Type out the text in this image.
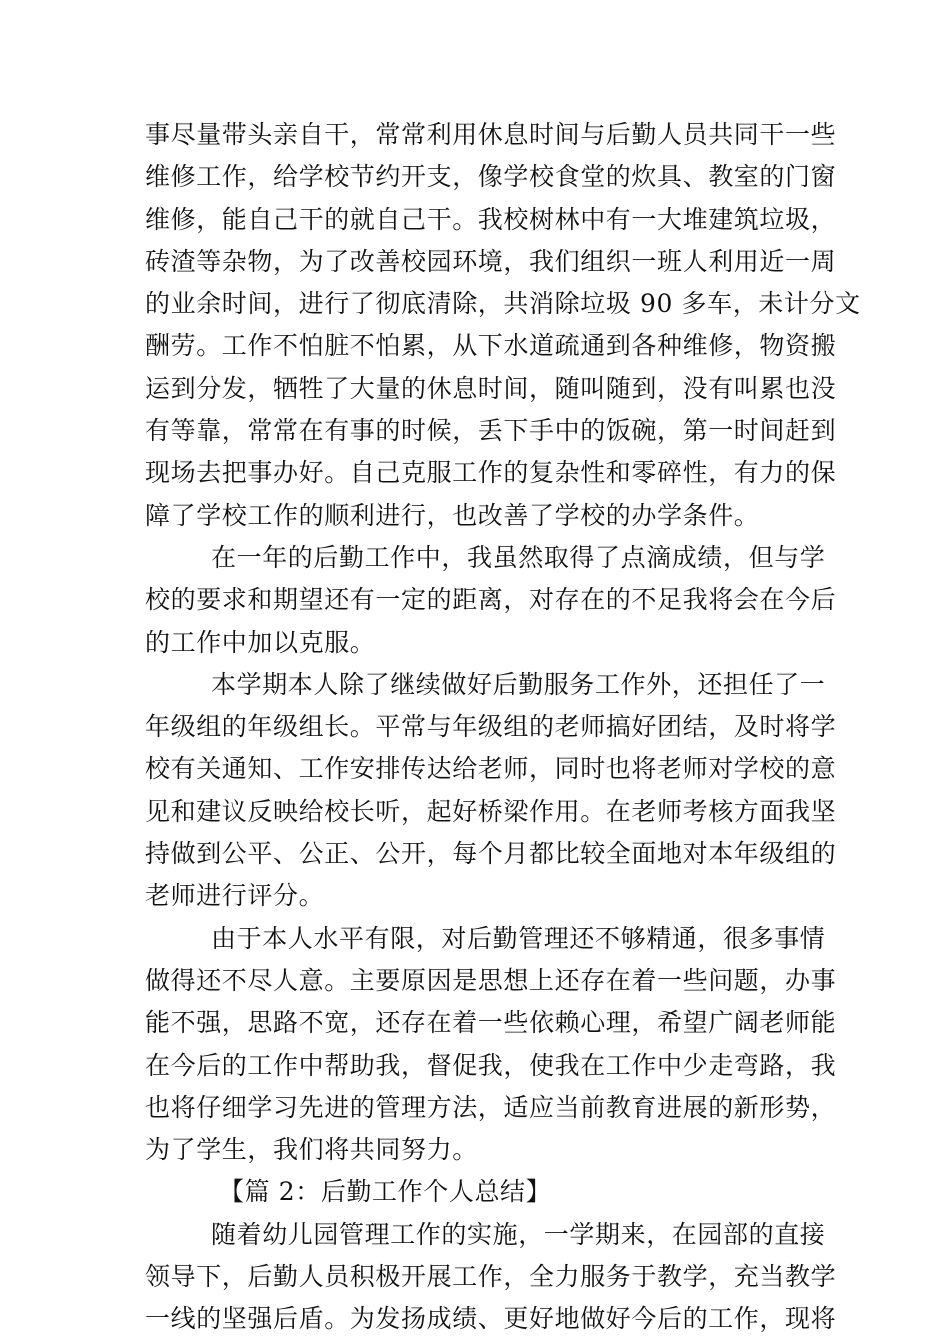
事尽量带头亲自干，常常利用休息时间与后勤人员共同干一些
维修工作，给学校节约开支，像学校食堂的炊具、教室的门窗
维修，能自己干的就自己干。我校树林中有一大堆建筑垃圾，
砖渣等杂物，为了改善校园环境，我们组织一班人利用近一周
的业余时间，进行了彻底清除，共消除垃圾 90 多车，未计分文
酬劳。工作不怕脏不怕累，从下水道疏通到各种维修，物资搬
运到分发，牺牲了大量的休息时间，随叫随到，没有叫累也没
有等靠，常常在有事的时候，丢下手中的饭碗，第一时间赶到
现场去把事办好。自己克服工作的复杂性和零碎性，有力的保
障了学校工作的顺利进行，也改善了学校的办学条件。
在一年的后勤工作中，我虽然取得了点滴成绩，但与学
校的要求和期望还有一定的距离，对存在的不足我将会在今后
的工作中加以克服。
本学期本人除了继续做好后勤服务工作外，还担任了一
年级组的年级组长。平常与年级组的老师搞好团结，及时将学
校有关通知、工作安排传达给老师，同时也将老师对学校的意
见和建议反映给校长听，起好桥梁作用。在老师考核方面我坚
持做到公平、公正、公开，每个月都比较全面地对本年级组的
老师进行评分。
由于本人水平有限，对后勤管理还不够精通，很多事情
做得还不尽人意。主要原因是思想上还存在着一些问题，办事
能不强，思路不宽，还存在着一些依赖心理，希望广阔老师能
在今后的工作中帮助我，督促我，使我在工作中少走弯路，我
也将仔细学习先进的管理方法，适应当前教育进展的新形势，
为了学生，我们将共同努力。
【篇 2：后勤工作个人总结】
随着幼儿园管理工作的实施，一学期来，在园部的直接
领导下，后勤人员积极开展工作，全力服务于教学，充当教学
一线的坚强后盾。为发扬成绩、更好地做好今后的工作，现将
